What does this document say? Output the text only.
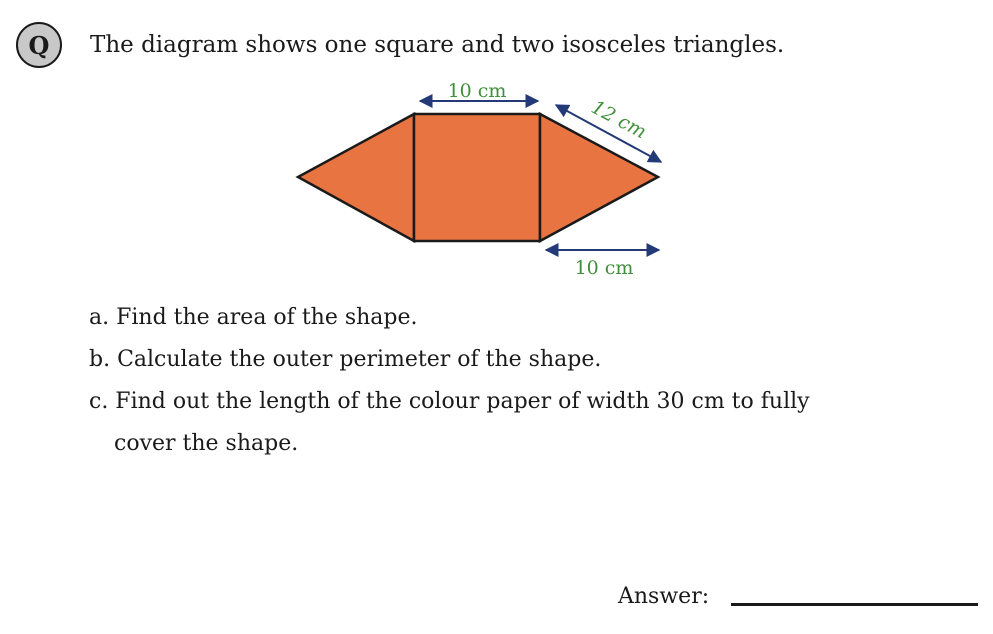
Q The diagram shows one square and two isosceles triangles.
10 cm
12 cm
10 cm
a. Find the area of the shape.
b. Calculate the outer perimeter of the shape.
c. Find out the length of the colour paper of width 30 cm to fully
cover the shape.
Answer:
